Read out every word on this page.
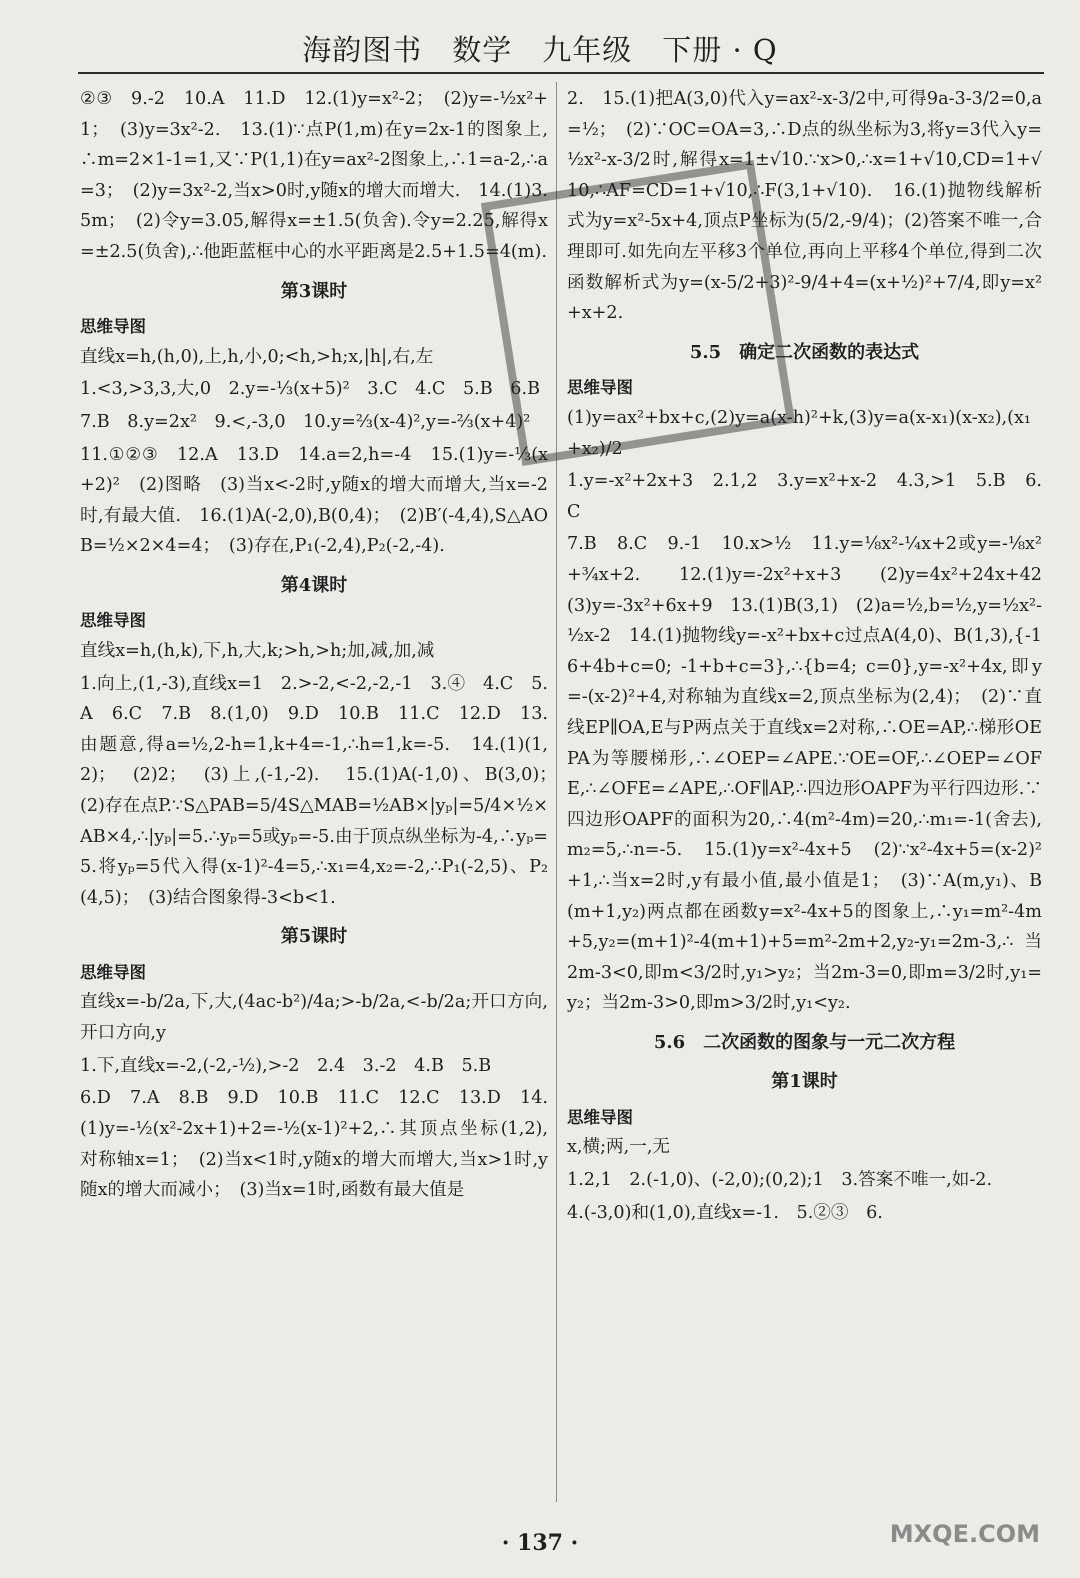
海韵图书　数学　九年级　下册 · Q

②③　9.-2　10.A　11.D　12.(1)y=x²-2；　(2)y=-½x²+1；　(3)y=3x²-2.　13.(1)∵点P(1,m)在y=2x-1的图象上,∴m=2×1-1=1,又∵P(1,1)在y=ax²-2图象上,∴1=a-2,∴a=3；　(2)y=3x²-2,当x>0时,y随x的增大而增大.　14.(1)3.5m；　(2)令y=3.05,解得x=±1.5(负舍).令y=2.25,解得x=±2.5(负舍),∴他距蓝框中心的水平距离是2.5+1.5=4(m).

第3课时

思维导图

直线x=h,(h,0),上,h,小,0;<h,>h;x,|h|,右,左

1.<3,>3,3,大,0　2.y=-⅓(x+5)²　3.C　4.C　5.B　6.B

7.B　8.y=2x²　9.<,-3,0　10.y=⅔(x-4)²,y=-⅔(x+4)²

11.①②③　12.A　13.D　14.a=2,h=-4　15.(1)y=-⅓(x+2)²　(2)图略　(3)当x<-2时,y随x的增大而增大,当x=-2时,有最大值.　16.(1)A(-2,0),B(0,4)；　(2)B′(-4,4),S△AOB=½×2×4=4；　(3)存在,P₁(-2,4),P₂(-2,-4).

第4课时

思维导图

直线x=h,(h,k),下,h,大,k;>h,>h;加,减,加,减

1.向上,(1,-3),直线x=1　2.>-2,<-2,-2,-1　3.④　4.C　5.A　6.C　7.B　8.(1,0)　9.D　10.B　11.C　12.D　13.由题意,得a=½,2-h=1,k+4=-1,∴h=1,k=-5.　14.(1)(1,2)；　(2)2；　(3)上,(-1,-2).　15.(1)A(-1,0)、B(3,0)；　(2)存在点P.∵S△PAB=5/4S△MAB=½AB×|yₚ|=5/4×½×AB×4,∴|yₚ|=5.∴yₚ=5或yₚ=-5.由于顶点纵坐标为-4,∴yₚ=5.将yₚ=5代入得(x-1)²-4=5,∴x₁=4,x₂=-2,∴P₁(-2,5)、P₂(4,5)；　(3)结合图象得-3<b<1.

第5课时

思维导图

直线x=-b/2a,下,大,(4ac-b²)/4a;>-b/2a,<-b/2a;开口方向,开口方向,y

1.下,直线x=-2,(-2,-½),>-2　2.4　3.-2　4.B　5.B

6.D　7.A　8.B　9.D　10.B　11.C　12.C　13.D　14.(1)y=-½(x²-2x+1)+2=-½(x-1)²+2,∴其顶点坐标(1,2),对称轴x=1；　(2)当x<1时,y随x的增大而增大,当x>1时,y随x的增大而减小；　(3)当x=1时,函数有最大值是

2.　15.(1)把A(3,0)代入y=ax²-x-3/2中,可得9a-3-3/2=0,a=½；　(2)∵OC=OA=3,∴D点的纵坐标为3,将y=3代入y=½x²-x-3/2时,解得x=1±√10.∵x>0,∴x=1+√10,CD=1+√10,∴AF=CD=1+√10,∴F(3,1+√10).　16.(1)抛物线解析式为y=x²-5x+4,顶点P坐标为(5/2,-9/4)；(2)答案不唯一,合理即可.如先向左平移3个单位,再向上平移4个单位,得到二次函数解析式为y=(x-5/2+3)²-9/4+4=(x+½)²+7/4,即y=x²+x+2.

5.5　确定二次函数的表达式

思维导图

(1)y=ax²+bx+c,(2)y=a(x-h)²+k,(3)y=a(x-x₁)(x-x₂),(x₁+x₂)/2

1.y=-x²+2x+3　2.1,2　3.y=x²+x-2　4.3,>1　5.B　6.C

7.B　8.C　9.-1　10.x>½　11.y=⅛x²-¼x+2或y=-⅛x²+¾x+2.　12.(1)y=-2x²+x+3　(2)y=4x²+24x+42　(3)y=-3x²+6x+9　13.(1)B(3,1)　(2)a=½,b=½,y=½x²-½x-2　14.(1)抛物线y=-x²+bx+c过点A(4,0)、B(1,3),{-16+4b+c=0; -1+b+c=3},∴{b=4; c=0},y=-x²+4x,即y=-(x-2)²+4,对称轴为直线x=2,顶点坐标为(2,4)；　(2)∵直线EP∥OA,E与P两点关于直线x=2对称,∴OE=AP,∴梯形OEPA为等腰梯形,∴∠OEP=∠APE.∵OE=OF,∴∠OEP=∠OFE,∴∠OFE=∠APE,∴OF∥AP,∴四边形OAPF为平行四边形.∵四边形OAPF的面积为20,∴4(m²-4m)=20,∴m₁=-1(舍去),m₂=5,∴n=-5.　15.(1)y=x²-4x+5　(2)∵x²-4x+5=(x-2)²+1,∴当x=2时,y有最小值,最小值是1；　(3)∵A(m,y₁)、B(m+1,y₂)两点都在函数y=x²-4x+5的图象上,∴y₁=m²-4m+5,y₂=(m+1)²-4(m+1)+5=m²-2m+2,y₂-y₁=2m-3,∴当2m-3<0,即m<3/2时,y₁>y₂；当2m-3=0,即m=3/2时,y₁=y₂；当2m-3>0,即m>3/2时,y₁<y₂.

5.6　二次函数的图象与一元二次方程

第1课时

思维导图

x,横;两,一,无

1.2,1　2.(-1,0)、(-2,0);(0,2);1　3.答案不唯一,如-2.

4.(-3,0)和(1,0),直线x=-1.　5.②③　6.

· 137 ·	MXQE.COM
